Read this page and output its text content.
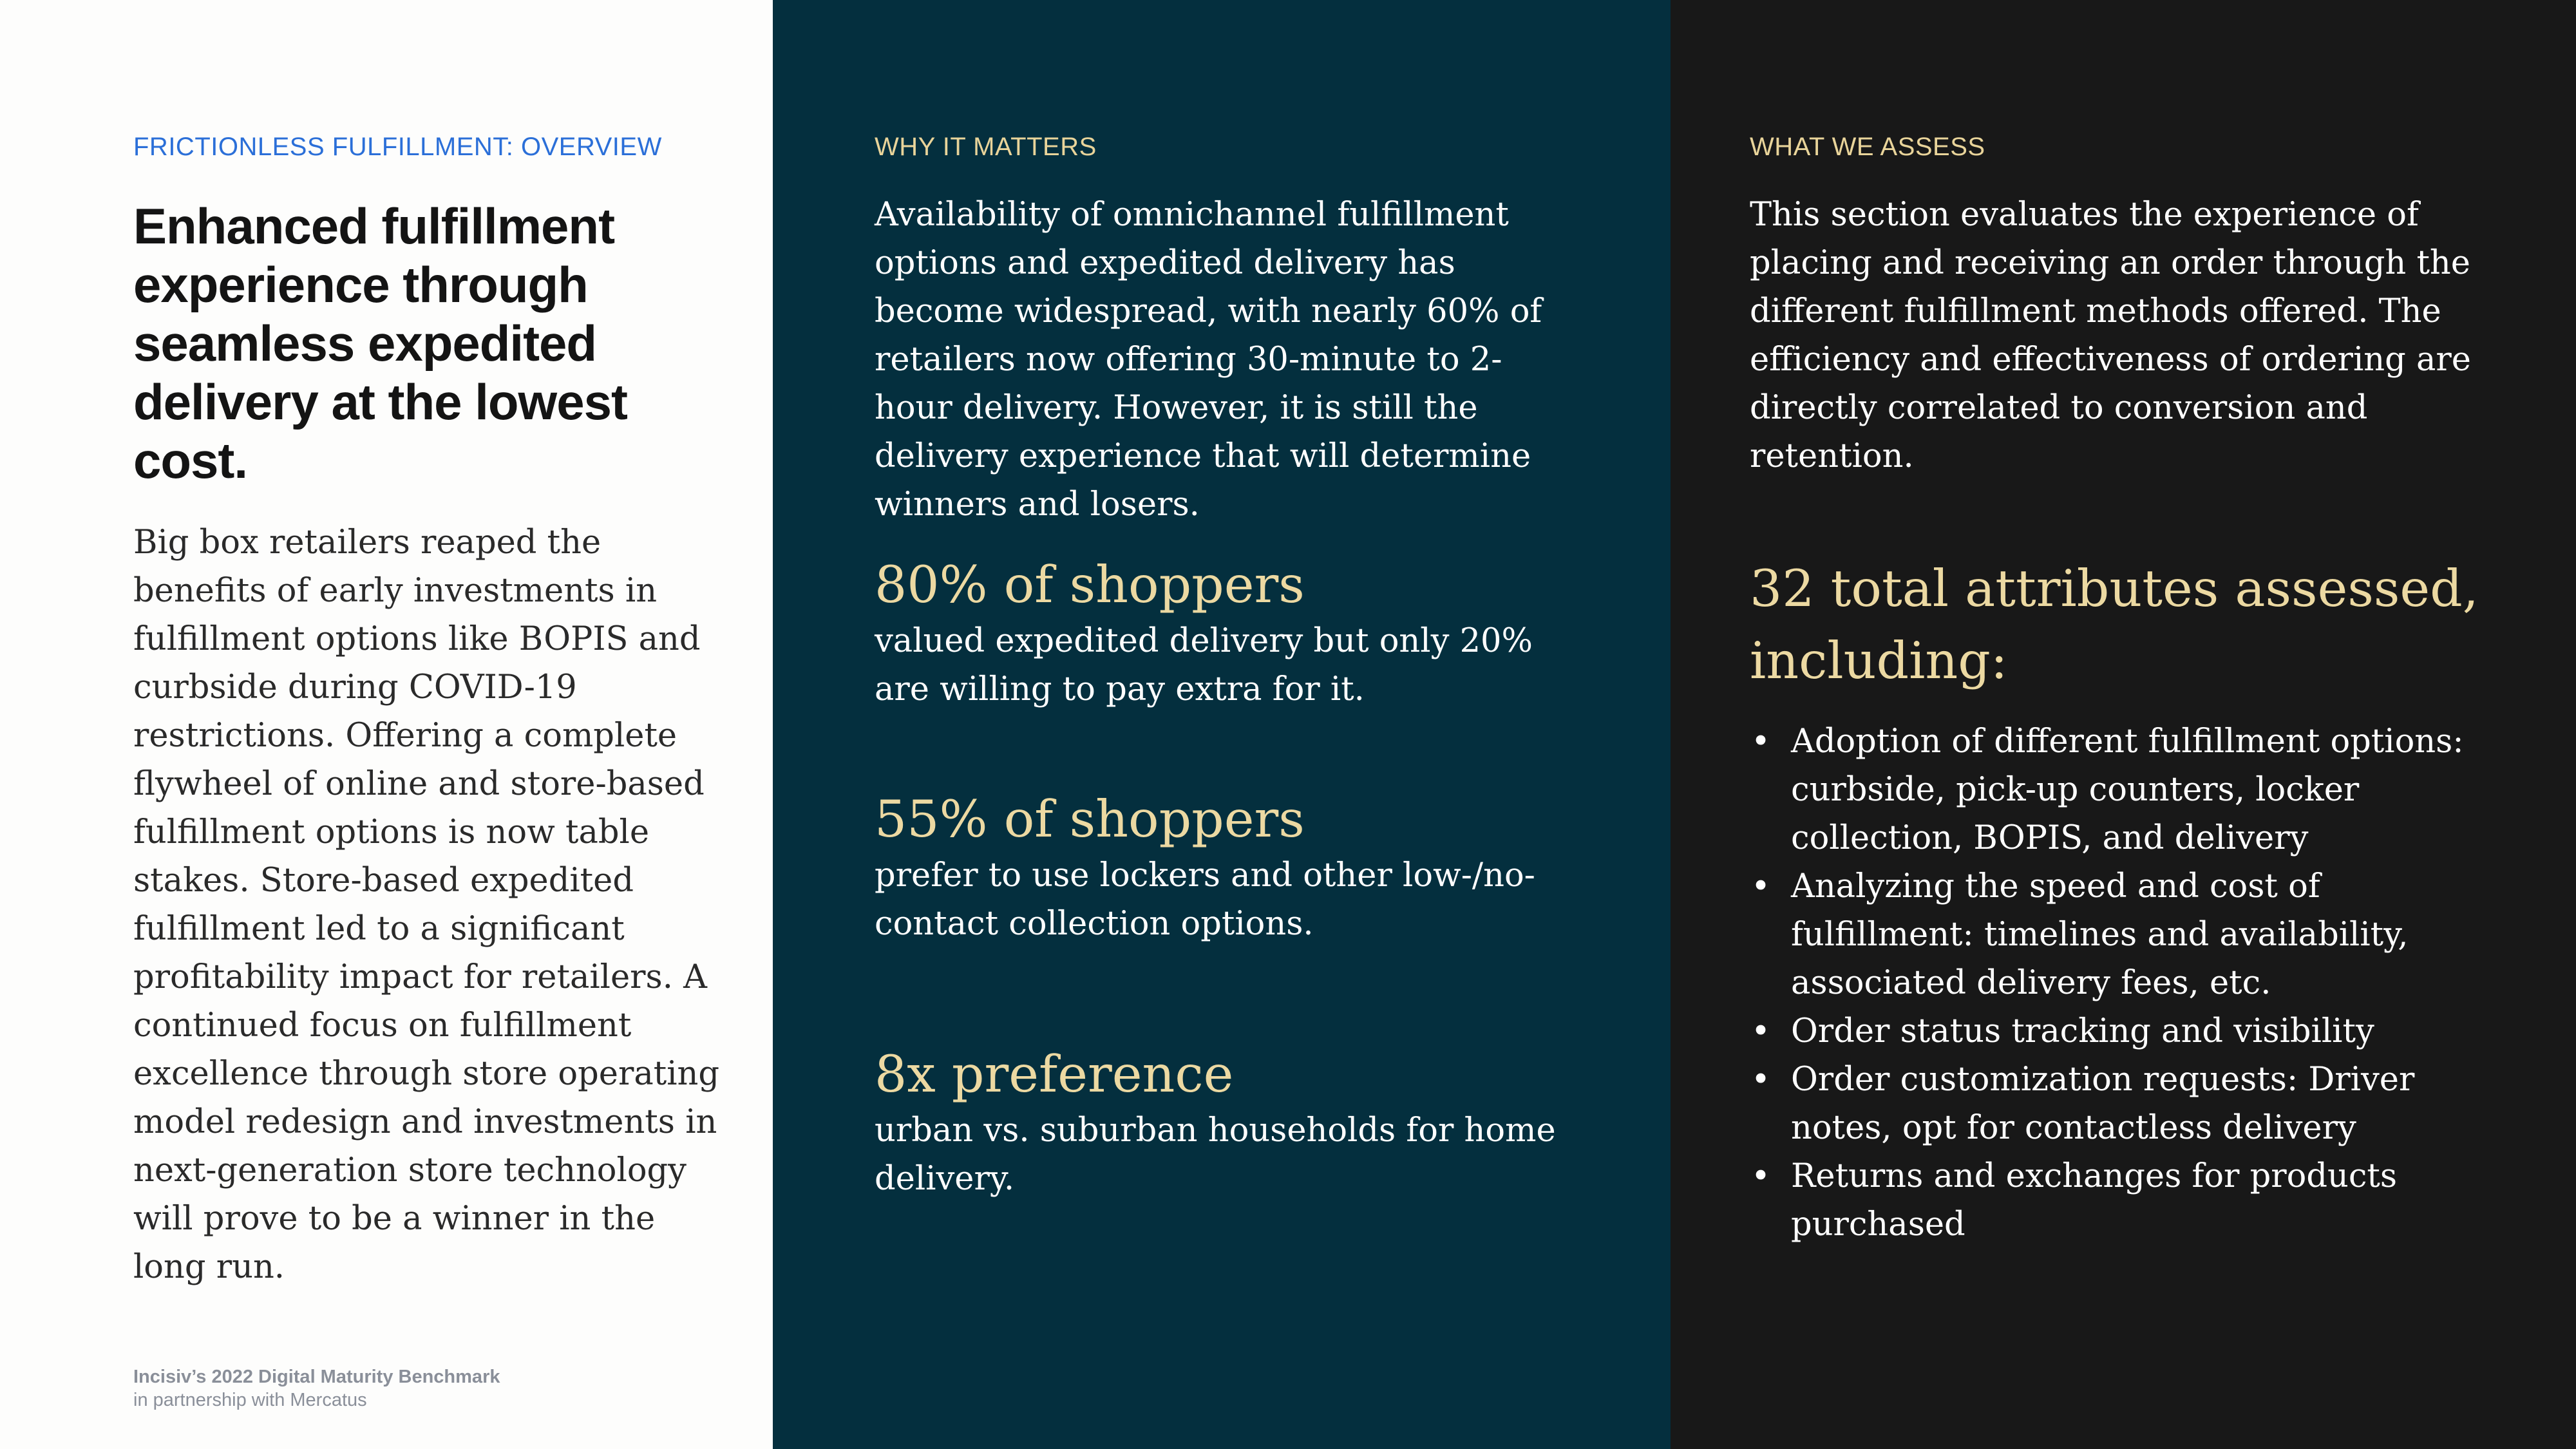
FRICTIONLESS FULFILLMENT: OVERVIEW

Enhanced fulfillment experience through seamless expedited delivery at the lowest cost.

Big box retailers reaped the benefits of early investments in fulfillment options like BOPIS and curbside during COVID-19 restrictions. Offering a complete flywheel of online and store-based fulfillment options is now table stakes. Store-based expedited fulfillment led to a significant profitability impact for retailers. A continued focus on fulfillment excellence through store operating model redesign and investments in next-generation store technology will prove to be a winner in the long run.

Incisiv’s 2022 Digital Maturity Benchmark
in partnership with Mercatus

WHY IT MATTERS

Availability of omnichannel fulfillment options and expedited delivery has become widespread, with nearly 60% of retailers now offering 30-minute to 2-hour delivery. However, it is still the delivery experience that will determine winners and losers.

80% of shoppers

valued expedited delivery but only 20% are willing to pay extra for it.

55% of shoppers

prefer to use lockers and other low-/no-contact collection options.

8x preference

urban vs. suburban households for home delivery.

WHAT WE ASSESS

This section evaluates the experience of placing and receiving an order through the different fulfillment methods offered. The efficiency and effectiveness of ordering are directly correlated to conversion and retention.

32 total attributes assessed, including:

• Adoption of different fulfillment options: curbside, pick-up counters, locker collection, BOPIS, and delivery
• Analyzing the speed and cost of fulfillment: timelines and availability, associated delivery fees, etc.
• Order status tracking and visibility
• Order customization requests: Driver notes, opt for contactless delivery
• Returns and exchanges for products purchased
